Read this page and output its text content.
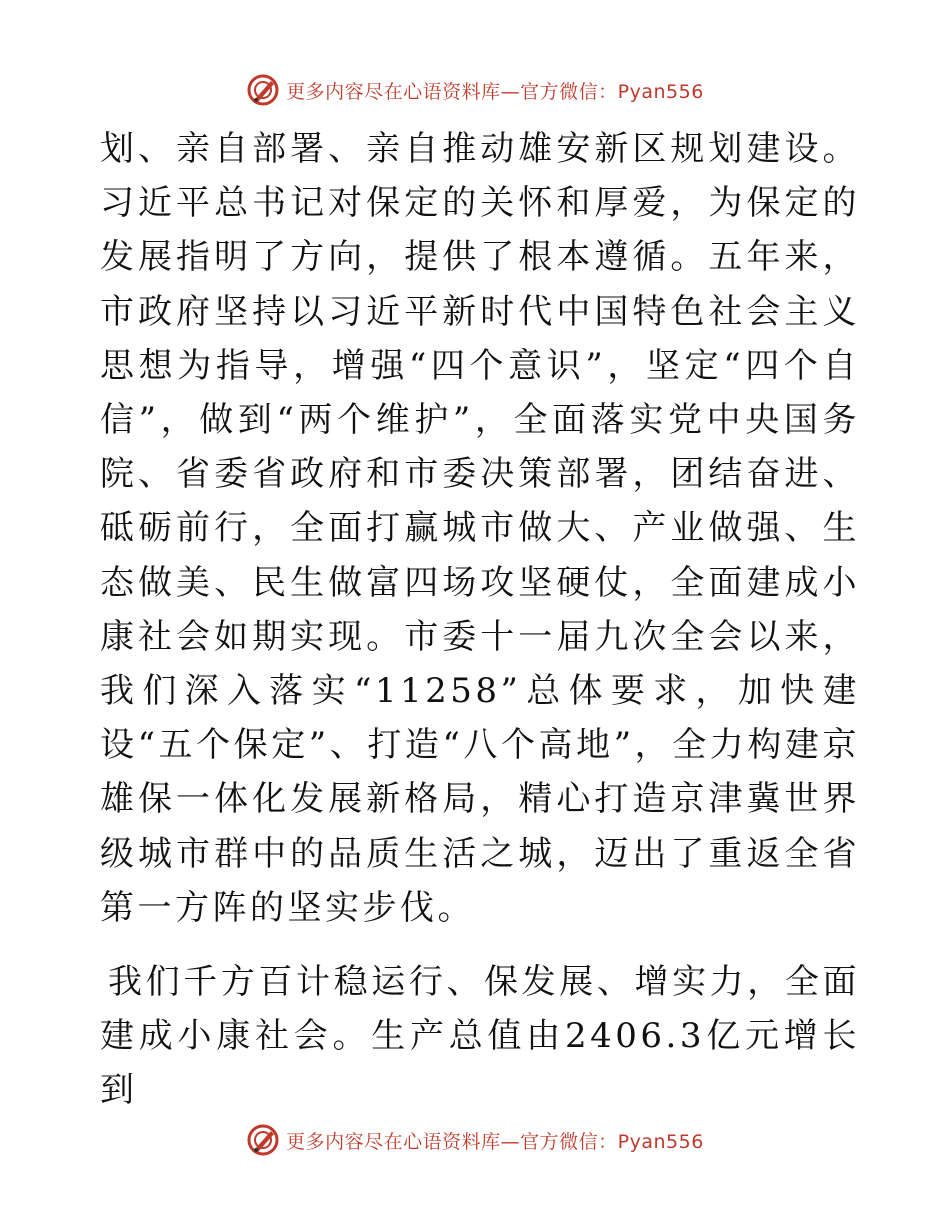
更多内容尽在心语资料库—官方微信：Pyan556

划、亲自部署、亲自推动雄安新区规划建设。习近平总书记对保定的关怀和厚爱，为保定的发展指明了方向，提供了根本遵循。五年来，市政府坚持以习近平新时代中国特色社会主义思想为指导，增强“四个意识”，坚定“四个自信”，做到“两个维护”，全面落实党中央国务院、省委省政府和市委决策部署，团结奋进、砥砺前行，全面打赢城市做大、产业做强、生态做美、民生做富四场攻坚硬仗，全面建成小康社会如期实现。市委十一届九次全会以来，我们深入落实“11258”总体要求，加快建设“五个保定”、打造“八个高地”，全力构建京雄保一体化发展新格局，精心打造京津冀世界级城市群中的品质生活之城，迈出了重返全省第一方阵的坚实步伐。

我们千方百计稳运行、保发展、增实力，全面建成小康社会。生产总值由2406.3亿元增长到

更多内容尽在心语资料库—官方微信：Pyan556
